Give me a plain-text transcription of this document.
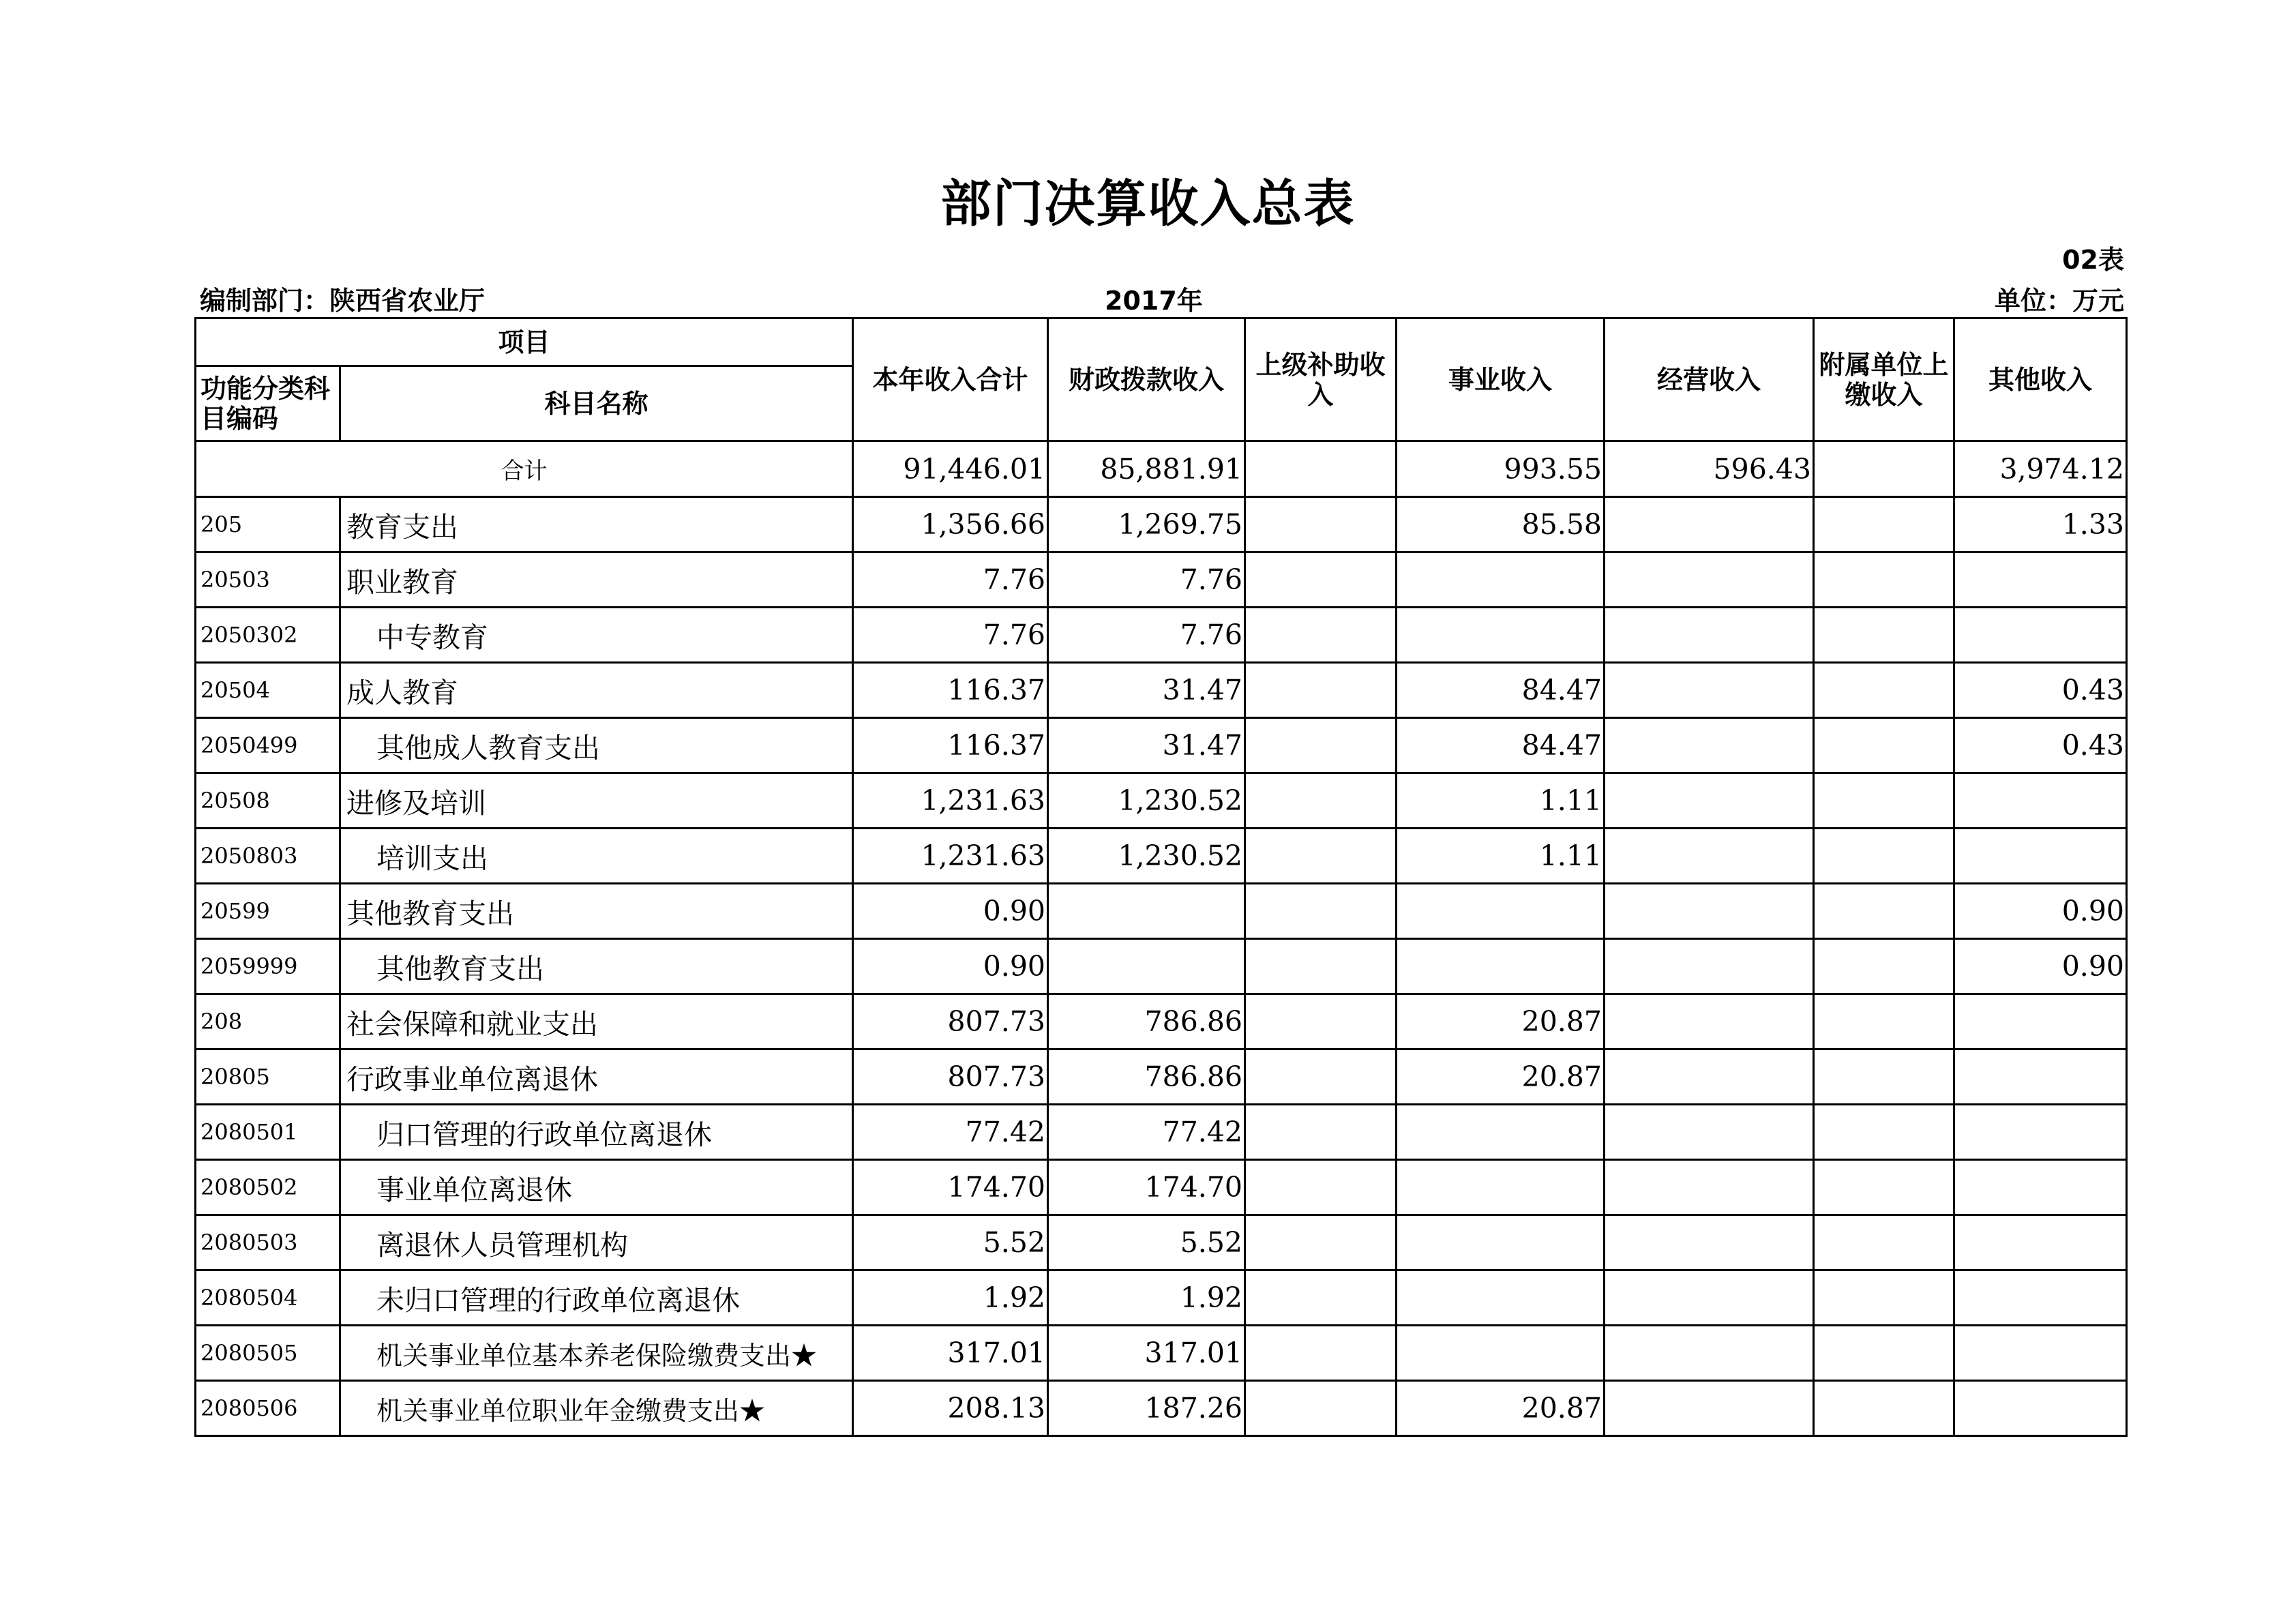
部门决算收入总表
02表
编制部门：陕西省农业厅	2017年	单位：万元
项目		本年收入合计	财政拨款收入	上级补助收入	事业收入	经营收入	附属单位上缴收入	其他收入
功能分类科目编码	科目名称							
合计		91,446.01	85,881.91		993.55	596.43		3,974.12
205	教育支出	1,356.66	1,269.75		85.58			1.33
20503	职业教育	7.76	7.76					
2050302	中专教育	7.76	7.76					
20504	成人教育	116.37	31.47		84.47			0.43
2050499	其他成人教育支出	116.37	31.47		84.47			0.43
20508	进修及培训	1,231.63	1,230.52		1.11			
2050803	培训支出	1,231.63	1,230.52		1.11			
20599	其他教育支出	0.90						0.90
2059999	其他教育支出	0.90						0.90
208	社会保障和就业支出	807.73	786.86		20.87			
20805	行政事业单位离退休	807.73	786.86		20.87			
2080501	归口管理的行政单位离退休	77.42	77.42					
2080502	事业单位离退休	174.70	174.70					
2080503	离退休人员管理机构	5.52	5.52					
2080504	未归口管理的行政单位离退休	1.92	1.92					
2080505	机关事业单位基本养老保险缴费支出★	317.01	317.01					
2080506	机关事业单位职业年金缴费支出★	208.13	187.26		20.87			
